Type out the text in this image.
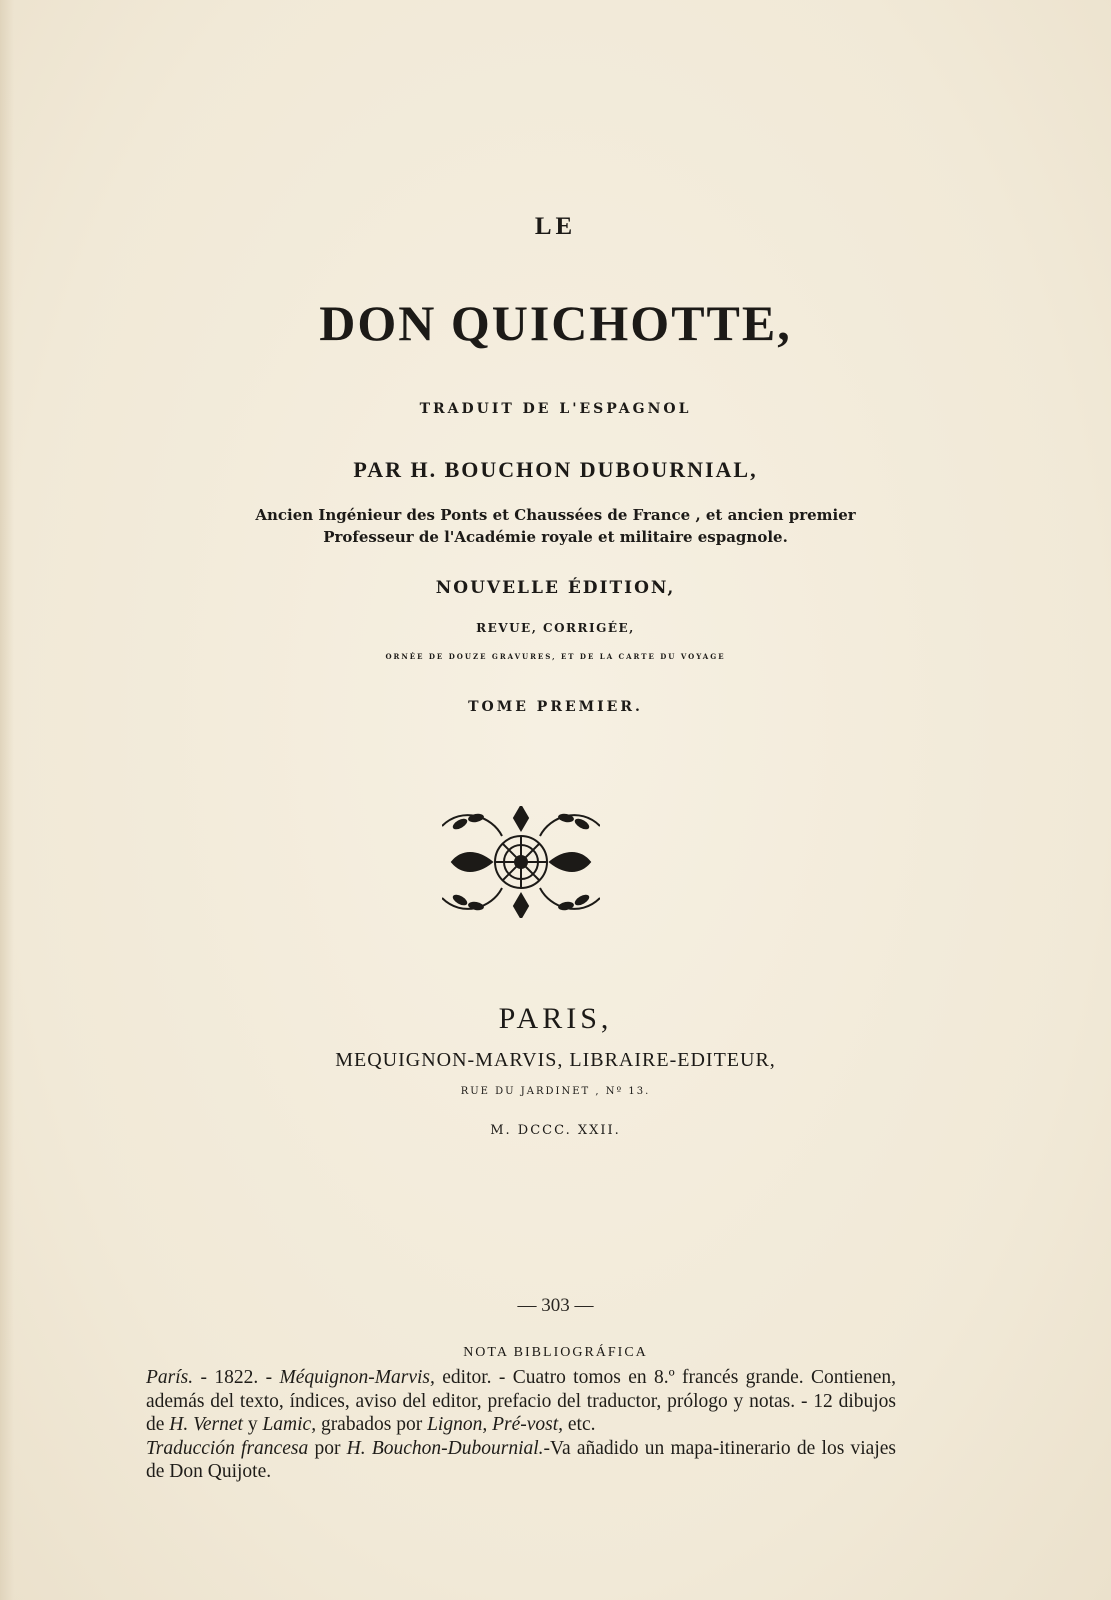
LE
DON QUICHOTTE,
TRADUIT DE L'ESPAGNOL
PAR H. BOUCHON DUBOURNIAL,
Ancien Ingénieur des Ponts et Chaussées de France , et ancien premier
Professeur de l'Académie royale et militaire espagnole.
NOUVELLE ÉDITION,
REVUE, CORRIGÉE,
ORNÉE DE DOUZE GRAVURES, ET DE LA CARTE DU VOYAGE
TOME PREMIER.
PARIS,
MEQUIGNON-MARVIS, LIBRAIRE-EDITEUR,
RUE DU JARDINET , Nº 13.
M. DCCC. XXII.
— 303 —
NOTA BIBLIOGRÁFICA

París. - 1822. - Méquignon-Marvis, editor. - Cuatro tomos en 8.º francés grande. Contienen, además del texto, índices, aviso del editor, prefacio del traductor, prólogo y notas. - 12 dibujos de H. Vernet y Lamic, grabados por Lignon, Pré-vost, etc.

Traducción francesa por H. Bouchon-Dubournial.-Va añadido un mapa-itinerario de los viajes de Don Quijote.
